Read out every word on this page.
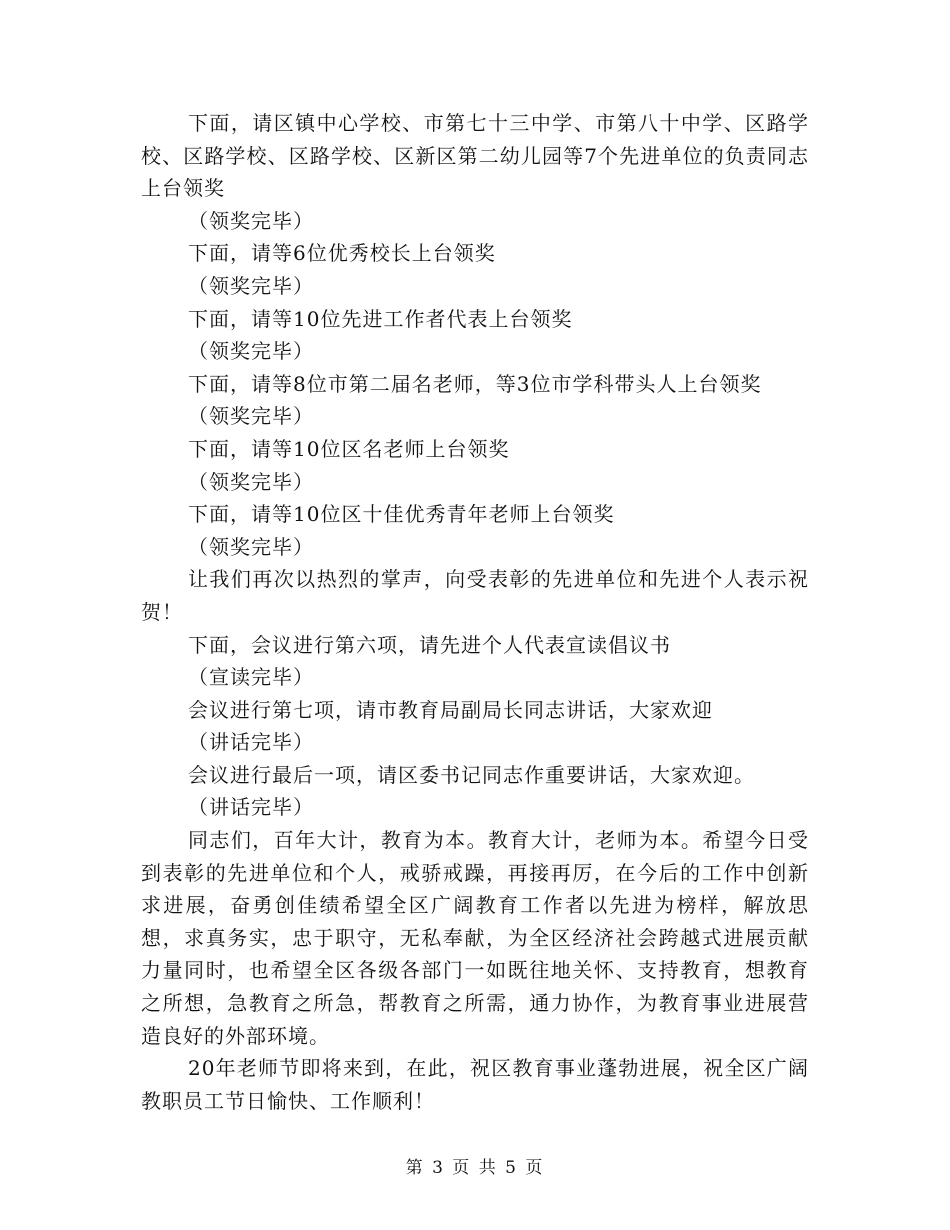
下面，请区镇中心学校、市第七十三中学、市第八十中学、区路学校、区路学校、区路学校、区新区第二幼儿园等7个先进单位的负责同志上台领奖

（领奖完毕）

下面，请等6位优秀校长上台领奖

（领奖完毕）

下面，请等10位先进工作者代表上台领奖

（领奖完毕）

下面，请等8位市第二届名老师，等3位市学科带头人上台领奖

（领奖完毕）

下面，请等10位区名老师上台领奖

（领奖完毕）

下面，请等10位区十佳优秀青年老师上台领奖

（领奖完毕）

让我们再次以热烈的掌声，向受表彰的先进单位和先进个人表示祝贺！

下面，会议进行第六项，请先进个人代表宣读倡议书

（宣读完毕）

会议进行第七项，请市教育局副局长同志讲话，大家欢迎

（讲话完毕）

会议进行最后一项，请区委书记同志作重要讲话，大家欢迎。

（讲话完毕）

同志们，百年大计，教育为本。教育大计，老师为本。希望今日受到表彰的先进单位和个人，戒骄戒躁，再接再厉，在今后的工作中创新求进展，奋勇创佳绩希望全区广阔教育工作者以先进为榜样，解放思想，求真务实，忠于职守，无私奉献，为全区经济社会跨越式进展贡献力量同时，也希望全区各级各部门一如既往地关怀、支持教育，想教育之所想，急教育之所急，帮教育之所需，通力协作，为教育事业进展营造良好的外部环境。

20年老师节即将来到，在此，祝区教育事业蓬勃进展，祝全区广阔教职员工节日愉快、工作顺利！

第 3 页 共 5 页
